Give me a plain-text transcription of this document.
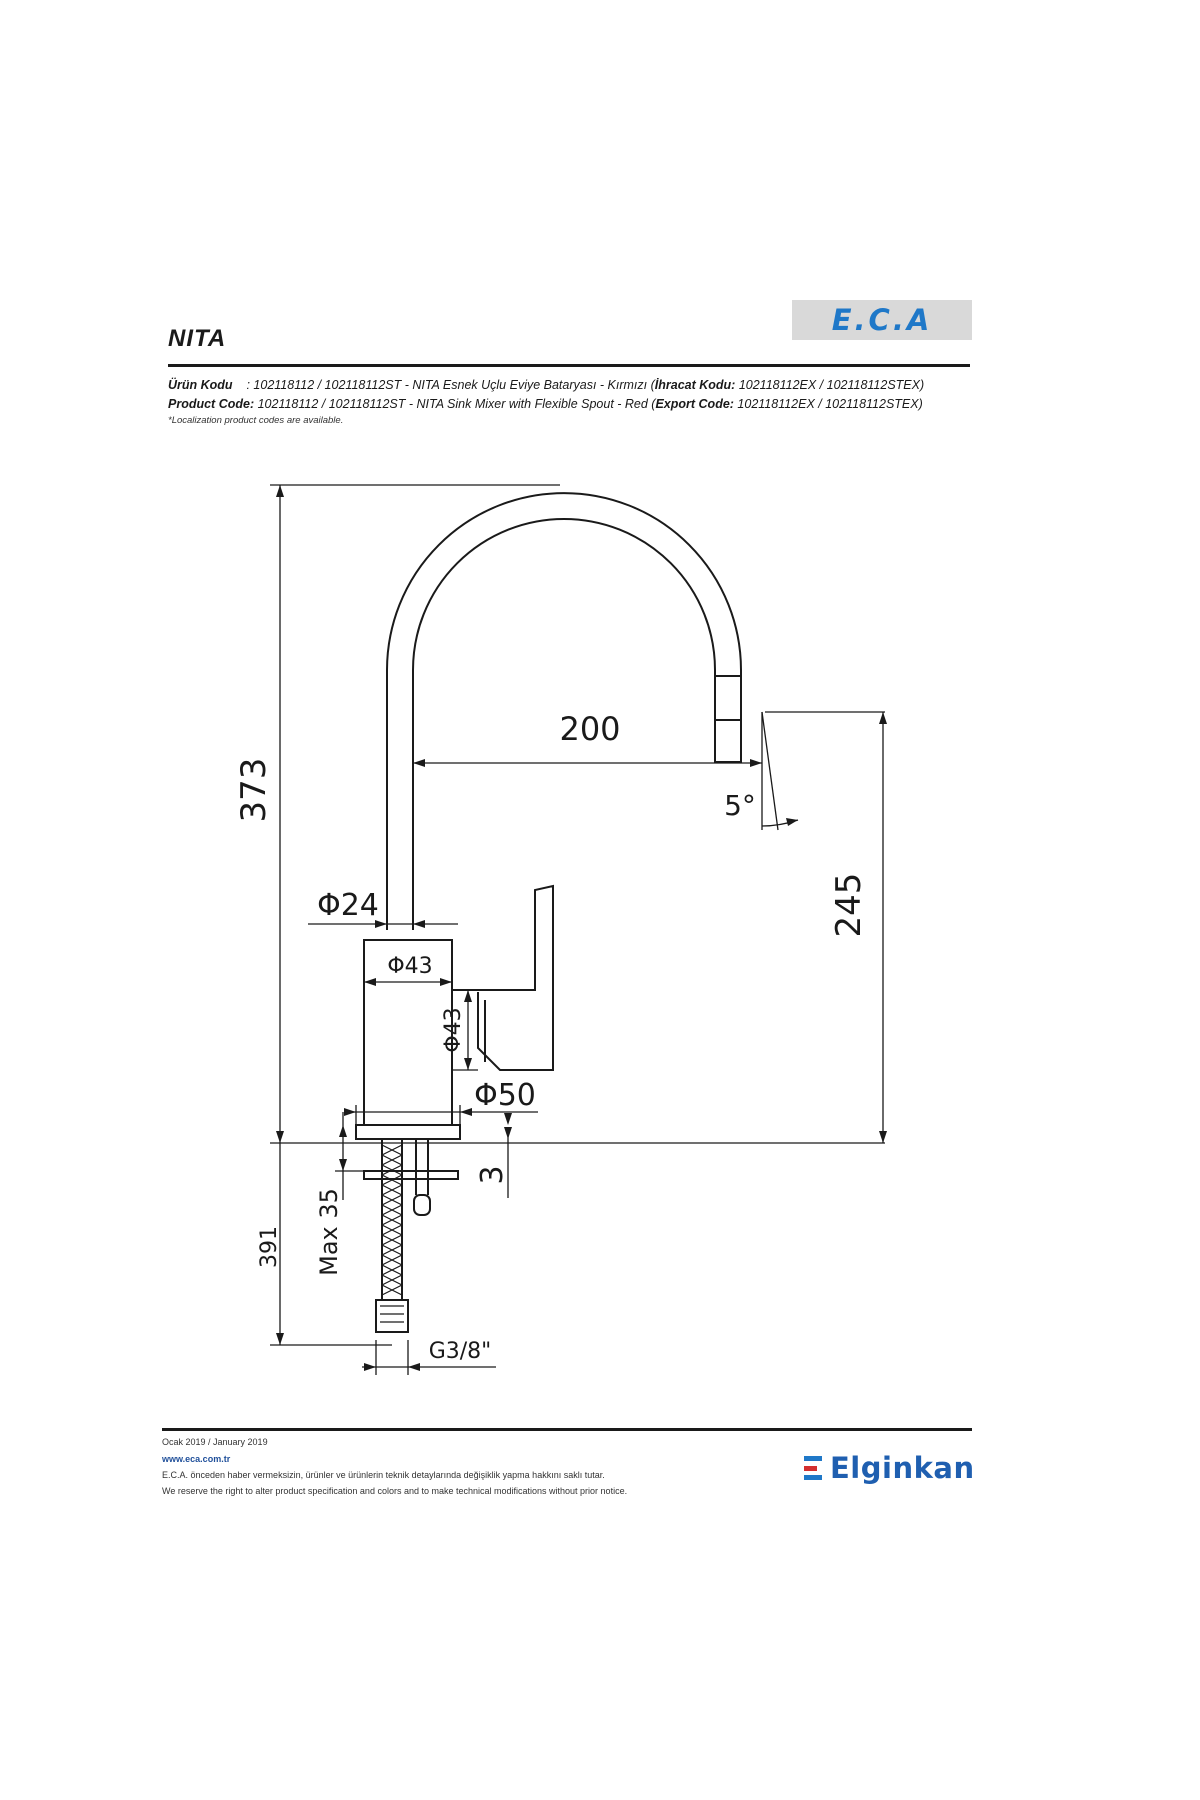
NITA
E.C.A
Ürün Kodu : 102118112 / 102118112ST - NITA Esnek Uçlu Eviye Bataryası - Kırmızı (İhracat Kodu: 102118112EX / 102118112STEX)
Product Code: 102118112 / 102118112ST - NITA Sink Mixer with Flexible Spout - Red (Export Code: 102118112EX / 102118112STEX)
*Localization product codes are available.
373
200
5°
245
Φ24
Φ43
Φ43
Φ50
3
Max 35
391
G3/8"
Ocak 2019 / January 2019
www.eca.com.tr
E.C.A. önceden haber vermeksizin, ürünler ve ürünlerin teknik detaylarında değişiklik yapma hakkını saklı tutar.
We reserve the right to alter product specification and colors and to make technical modifications without prior notice.
Elginkan
